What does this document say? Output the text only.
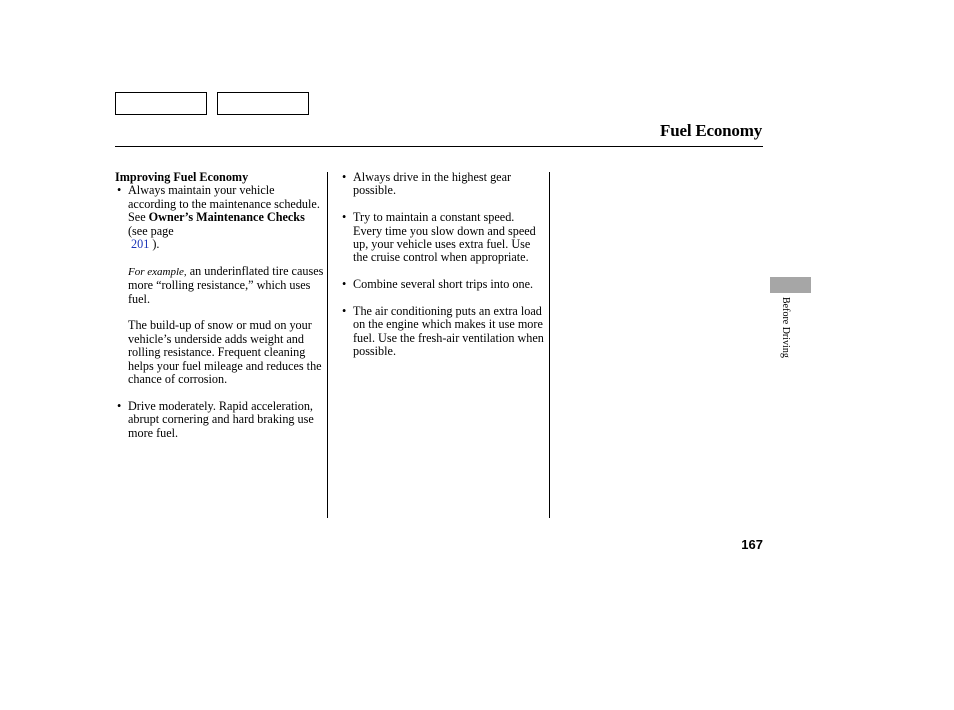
Fuel Economy
Improving Fuel Economy
• Always maintain your vehicle according to the maintenance schedule. See Owner’s Maintenance Checks (see page
201 ).
For example, an underinflated tire causes more “rolling resistance,” which uses fuel.
The build-up of snow or mud on your vehicle’s underside adds weight and rolling resistance. Frequent cleaning helps your fuel mileage and reduces the chance of corrosion.
• Drive moderately. Rapid acceleration, abrupt cornering and hard braking use more fuel.
• Always drive in the highest gear possible.
• Try to maintain a constant speed. Every time you slow down and speed up, your vehicle uses extra fuel. Use the cruise control when appropriate.
• Combine several short trips into one.
• The air conditioning puts an extra load on the engine which makes it use more fuel. Use the fresh-air ventilation when possible.	Before Driving
167
